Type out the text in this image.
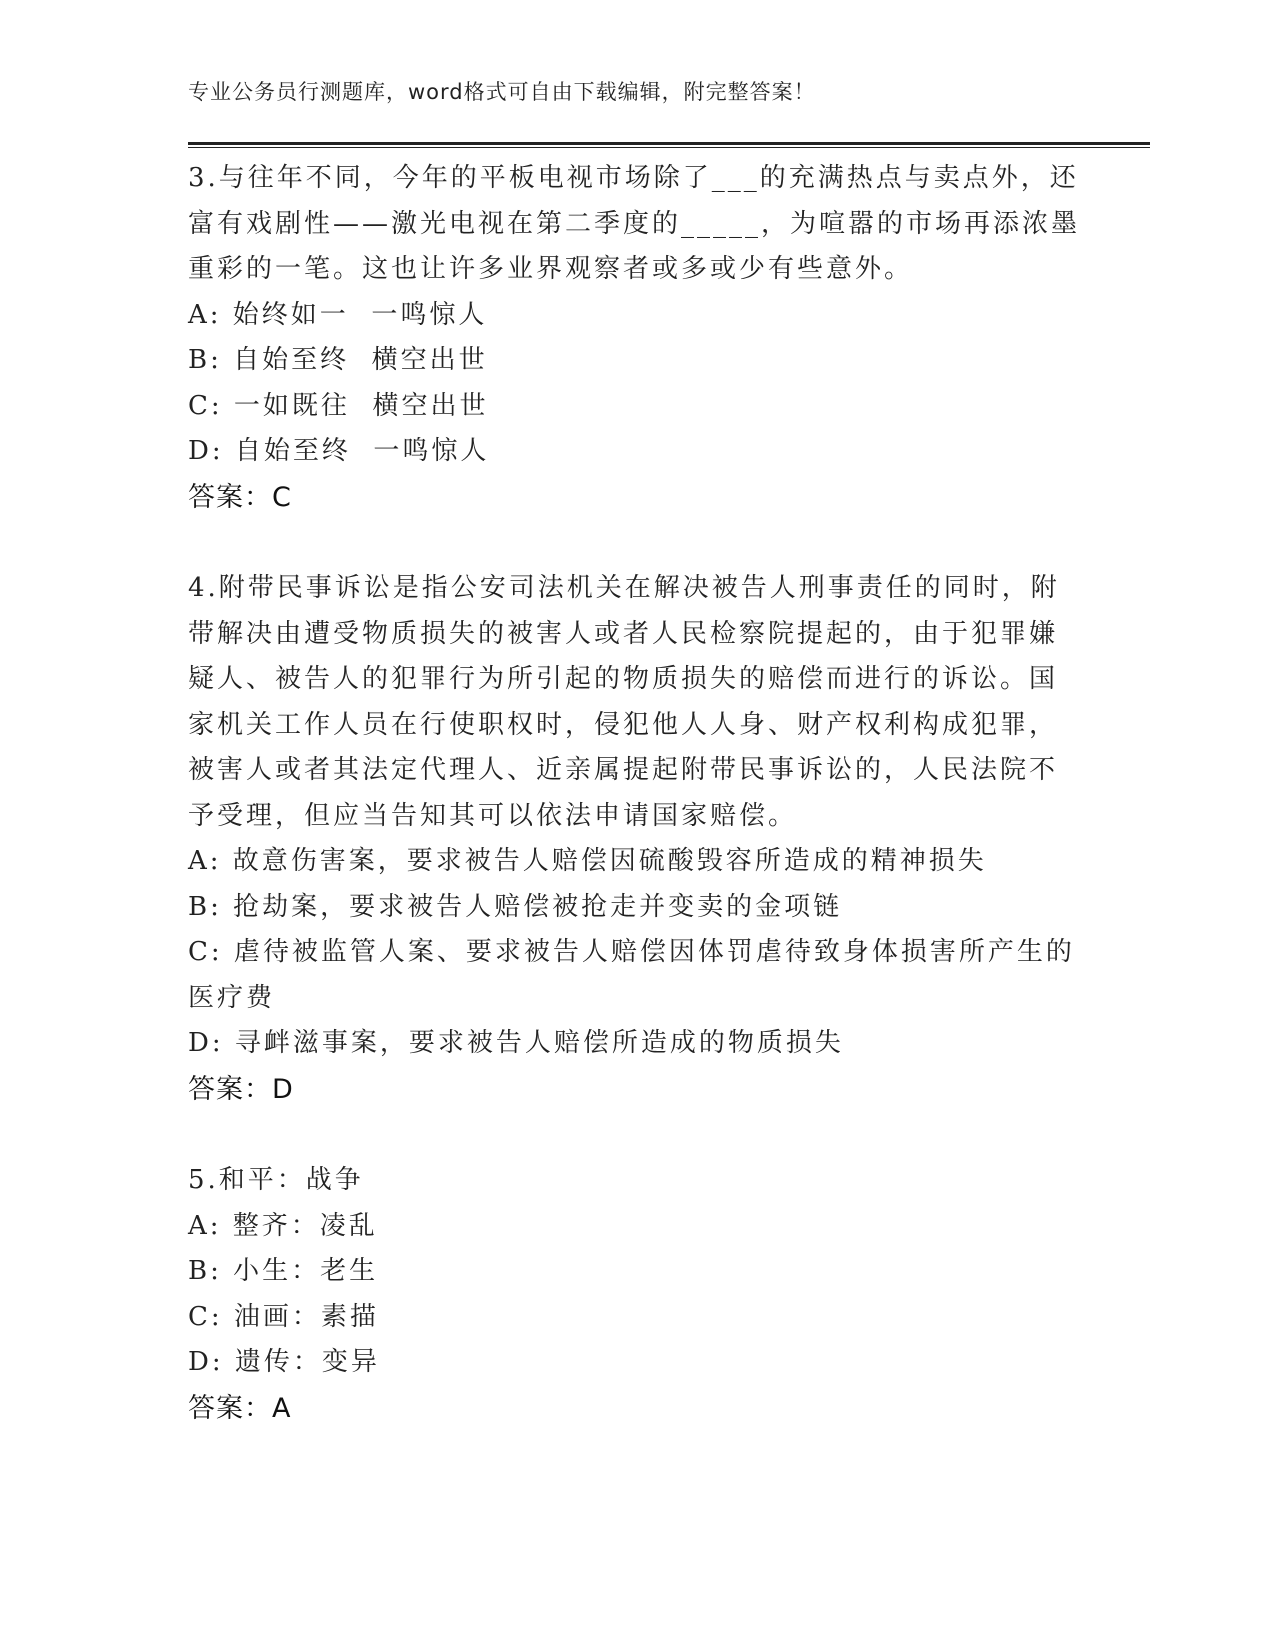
专业公务员行测题库，word格式可自由下载编辑，附完整答案！
3.与往年不同，今年的平板电视市场除了___的充满热点与卖点外，还
富有戏剧性——激光电视在第二季度的_____，为喧嚣的市场再添浓墨
重彩的一笔。这也让许多业界观察者或多或少有些意外。
A: 始终如一  一鸣惊人
B: 自始至终  横空出世
C: 一如既往  横空出世
D: 自始至终  一鸣惊人
答案：C
4.附带民事诉讼是指公安司法机关在解决被告人刑事责任的同时，附
带解决由遭受物质损失的被害人或者人民检察院提起的，由于犯罪嫌
疑人、被告人的犯罪行为所引起的物质损失的赔偿而进行的诉讼。国
家机关工作人员在行使职权时，侵犯他人人身、财产权利构成犯罪，
被害人或者其法定代理人、近亲属提起附带民事诉讼的，人民法院不
予受理，但应当告知其可以依法申请国家赔偿。
A: 故意伤害案，要求被告人赔偿因硫酸毁容所造成的精神损失
B: 抢劫案，要求被告人赔偿被抢走并变卖的金项链
C: 虐待被监管人案、要求被告人赔偿因体罚虐待致身体损害所产生的
医疗费
D: 寻衅滋事案，要求被告人赔偿所造成的物质损失
答案：D
5.和平：战争
A: 整齐：凌乱
B: 小生：老生
C: 油画：素描
D: 遗传：变异
答案：A
